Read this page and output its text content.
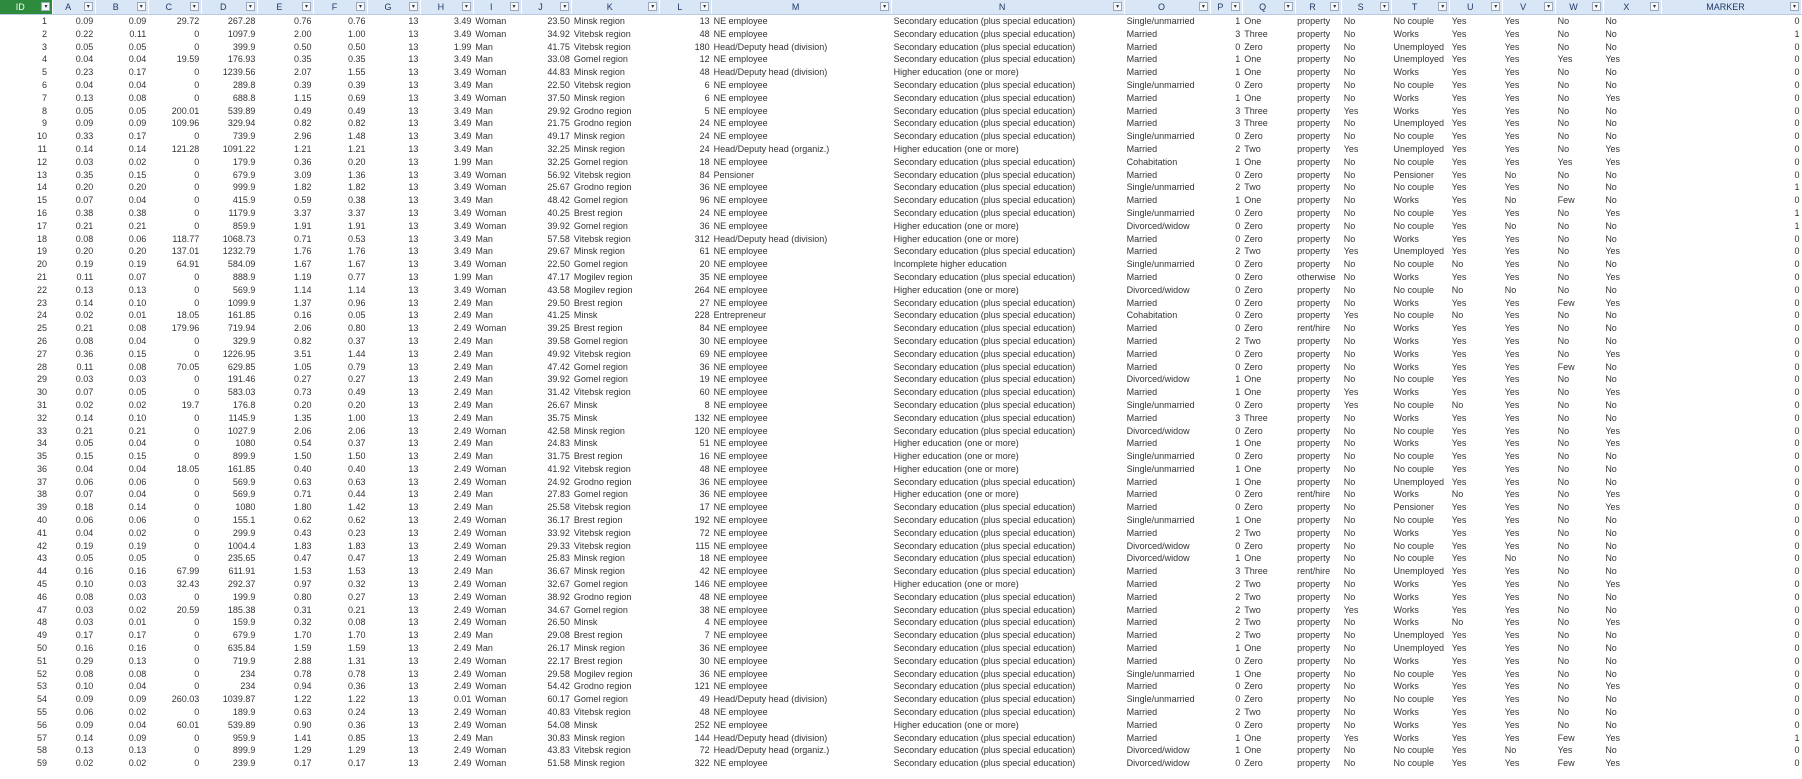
ID ▾	A ▾	B ▾	C ▾	D ▾	E ▾	F ▾	G ▾	H ▾	I ▾	J ▾	K ▾	L ▾	M ▾	N ▾	O ▾	P ▾	Q ▾	R ▾	S ▾	T ▾	U ▾	V ▾	W ▾	X ▾	MARKER ▾

1	0.09	0.09	29.72	267.28	0.76	0.76	13	3.49	Woman	23.50	Minsk region	13	NE employee	Secondary education (plus special education)	Single/unmarried	1	One	property	No	No couple	Yes	Yes	No	No	0
2	0.22	0.11	0	1097.9	2.00	1.00	13	3.49	Woman	34.92	Vitebsk region	48	NE employee	Secondary education (plus special education)	Married	3	Three	property	No	Works	Yes	Yes	No	No	1
3	0.05	0.05	0	399.9	0.50	0.50	13	1.99	Man	41.75	Vitebsk region	180	Head/Deputy head (division)	Secondary education (plus special education)	Married	0	Zero	property	No	Unemployed	Yes	Yes	No	No	0
4	0.04	0.04	19.59	176.93	0.35	0.35	13	3.49	Man	33.08	Gomel region	12	NE employee	Secondary education (plus special education)	Married	1	One	property	No	Unemployed	Yes	Yes	Yes	Yes	0
5	0.23	0.17	0	1239.56	2.07	1.55	13	3.49	Woman	44.83	Minsk region	48	Head/Deputy head (division)	Higher education (one or more)	Married	1	One	property	No	Works	Yes	Yes	No	No	0
6	0.04	0.04	0	289.8	0.39	0.39	13	3.49	Man	22.50	Vitebsk region	6	NE employee	Secondary education (plus special education)	Single/unmarried	0	Zero	property	No	No couple	Yes	Yes	No	No	0
7	0.13	0.08	0	688.8	1.15	0.69	13	3.49	Woman	37.50	Minsk region	6	NE employee	Secondary education (plus special education)	Married	1	One	property	No	Works	Yes	Yes	No	Yes	0
8	0.05	0.05	200.01	539.89	0.49	0.49	13	3.49	Man	29.92	Grodno region	5	NE employee	Secondary education (plus special education)	Married	3	Three	property	Yes	Works	Yes	Yes	No	No	0
9	0.09	0.09	109.96	329.94	0.82	0.82	13	3.49	Man	21.75	Grodno region	24	NE employee	Secondary education (plus special education)	Married	3	Three	property	No	Unemployed	Yes	Yes	No	No	0
10	0.33	0.17	0	739.9	2.96	1.48	13	3.49	Man	49.17	Minsk region	24	NE employee	Secondary education (plus special education)	Single/unmarried	0	Zero	property	No	No couple	Yes	Yes	No	No	0
11	0.14	0.14	121.28	1091.22	1.21	1.21	13	3.49	Man	32.25	Minsk region	24	Head/Deputy head (organiz.)	Higher education (one or more)	Married	2	Two	property	Yes	Unemployed	Yes	Yes	No	Yes	0
12	0.03	0.02	0	179.9	0.36	0.20	13	1.99	Man	32.25	Gomel region	18	NE employee	Secondary education (plus special education)	Cohabitation	1	One	property	No	No couple	Yes	Yes	Yes	Yes	0
13	0.35	0.15	0	679.9	3.09	1.36	13	3.49	Woman	56.92	Vitebsk region	84	Pensioner	Secondary education (plus special education)	Married	0	Zero	property	No	Pensioner	Yes	No	No	No	0
14	0.20	0.20	0	999.9	1.82	1.82	13	3.49	Woman	25.67	Grodno region	36	NE employee	Secondary education (plus special education)	Single/unmarried	2	Two	property	No	No couple	Yes	Yes	No	No	1
15	0.07	0.04	0	415.9	0.59	0.38	13	3.49	Man	48.42	Gomel region	96	NE employee	Secondary education (plus special education)	Married	1	One	property	No	Works	Yes	No	Few	No	0
16	0.38	0.38	0	1179.9	3.37	3.37	13	3.49	Woman	40.25	Brest region	24	NE employee	Secondary education (plus special education)	Single/unmarried	0	Zero	property	No	No couple	Yes	Yes	No	Yes	1
17	0.21	0.21	0	859.9	1.91	1.91	13	3.49	Woman	39.92	Gomel region	36	NE employee	Higher education (one or more)	Divorced/widow	0	Zero	property	No	No couple	Yes	No	No	No	1
18	0.08	0.06	118.77	1068.73	0.71	0.53	13	3.49	Man	57.58	Vitebsk region	312	Head/Deputy head (division)	Higher education (one or more)	Married	0	Zero	property	No	Works	Yes	Yes	No	No	0
19	0.20	0.20	137.01	1232.79	1.76	1.76	13	3.49	Man	29.67	Minsk region	61	NE employee	Secondary education (plus special education)	Married	2	Two	property	Yes	Unemployed	Yes	Yes	No	Yes	0
20	0.19	0.19	64.91	584.09	1.67	1.67	13	3.49	Woman	22.50	Gomel region	20	NE employee	Incomplete higher education	Single/unmarried	0	Zero	property	No	No couple	No	Yes	No	No	0
21	0.11	0.07	0	888.9	1.19	0.77	13	1.99	Man	47.17	Mogilev region	35	NE employee	Secondary education (plus special education)	Married	0	Zero	otherwise	No	Works	Yes	Yes	No	Yes	0
22	0.13	0.13	0	569.9	1.14	1.14	13	3.49	Woman	43.58	Mogilev region	264	NE employee	Higher education (one or more)	Divorced/widow	0	Zero	property	No	No couple	No	No	No	No	0
23	0.14	0.10	0	1099.9	1.37	0.96	13	2.49	Man	29.50	Brest region	27	NE employee	Secondary education (plus special education)	Married	0	Zero	property	No	Works	Yes	Yes	Few	Yes	0
24	0.02	0.01	18.05	161.85	0.16	0.05	13	2.49	Man	41.25	Minsk	228	Entrepreneur	Secondary education (plus special education)	Cohabitation	0	Zero	property	Yes	No couple	No	Yes	No	No	0
25	0.21	0.08	179.96	719.94	2.06	0.80	13	2.49	Woman	39.25	Brest region	84	NE employee	Secondary education (plus special education)	Married	0	Zero	rent/hire	No	Works	Yes	Yes	No	No	0
26	0.08	0.04	0	329.9	0.82	0.37	13	2.49	Man	39.58	Gomel region	30	NE employee	Secondary education (plus special education)	Married	2	Two	property	No	Works	Yes	Yes	No	No	0
27	0.36	0.15	0	1226.95	3.51	1.44	13	2.49	Man	49.92	Vitebsk region	69	NE employee	Secondary education (plus special education)	Married	0	Zero	property	No	Works	Yes	Yes	No	Yes	0
28	0.11	0.08	70.05	629.85	1.05	0.79	13	2.49	Man	47.42	Gomel region	36	NE employee	Secondary education (plus special education)	Married	0	Zero	property	No	Works	Yes	Yes	Few	No	0
29	0.03	0.03	0	191.46	0.27	0.27	13	2.49	Man	39.92	Gomel region	19	NE employee	Secondary education (plus special education)	Divorced/widow	1	One	property	No	No couple	Yes	Yes	No	No	0
30	0.07	0.05	0	583.03	0.73	0.49	13	2.49	Man	31.42	Vitebsk region	60	NE employee	Secondary education (plus special education)	Married	1	One	property	Yes	Works	Yes	Yes	No	Yes	0
31	0.02	0.02	19.7	176.8	0.20	0.20	13	2.49	Man	26.67	Minsk	8	NE employee	Secondary education (plus special education)	Single/unmarried	0	Zero	property	Yes	No couple	No	Yes	No	No	0
32	0.14	0.10	0	1145.9	1.35	1.00	13	2.49	Man	35.75	Minsk	132	NE employee	Secondary education (plus special education)	Married	3	Three	property	No	Works	Yes	Yes	No	No	0
33	0.21	0.21	0	1027.9	2.06	2.06	13	2.49	Woman	42.58	Minsk region	120	NE employee	Secondary education (plus special education)	Divorced/widow	0	Zero	property	No	No couple	Yes	Yes	No	Yes	0
34	0.05	0.04	0	1080	0.54	0.37	13	2.49	Man	24.83	Minsk	51	NE employee	Higher education (one or more)	Married	1	One	property	No	Works	Yes	Yes	No	Yes	0
35	0.15	0.15	0	899.9	1.50	1.50	13	2.49	Man	31.75	Brest region	16	NE employee	Higher education (one or more)	Single/unmarried	0	Zero	property	No	No couple	Yes	Yes	No	No	0
36	0.04	0.04	18.05	161.85	0.40	0.40	13	2.49	Woman	41.92	Vitebsk region	48	NE employee	Higher education (one or more)	Single/unmarried	1	One	property	No	No couple	Yes	Yes	No	No	0
37	0.06	0.06	0	569.9	0.63	0.63	13	2.49	Woman	24.92	Grodno region	36	NE employee	Secondary education (plus special education)	Married	1	One	property	No	Unemployed	Yes	Yes	No	No	0
38	0.07	0.04	0	569.9	0.71	0.44	13	2.49	Man	27.83	Gomel region	36	NE employee	Higher education (one or more)	Married	0	Zero	rent/hire	No	Works	No	Yes	No	Yes	0
39	0.18	0.14	0	1080	1.80	1.42	13	2.49	Man	25.58	Vitebsk region	17	NE employee	Secondary education (plus special education)	Married	0	Zero	property	No	Pensioner	Yes	Yes	No	Yes	0
40	0.06	0.06	0	155.1	0.62	0.62	13	2.49	Woman	36.17	Brest region	192	NE employee	Secondary education (plus special education)	Single/unmarried	1	One	property	No	No couple	Yes	Yes	No	No	0
41	0.04	0.02	0	299.9	0.43	0.23	13	2.49	Woman	33.92	Vitebsk region	72	NE employee	Secondary education (plus special education)	Married	2	Two	property	No	Works	Yes	Yes	No	No	0
42	0.19	0.19	0	1004.4	1.83	1.83	13	2.49	Woman	29.33	Vitebsk region	115	NE employee	Secondary education (plus special education)	Divorced/widow	0	Zero	property	No	No couple	Yes	Yes	No	No	0
43	0.05	0.05	0	235.65	0.47	0.47	13	2.49	Woman	25.83	Minsk region	18	NE employee	Secondary education (plus special education)	Divorced/widow	1	One	property	No	No couple	Yes	No	No	No	0
44	0.16	0.16	67.99	611.91	1.53	1.53	13	2.49	Man	36.67	Minsk region	42	NE employee	Secondary education (plus special education)	Married	3	Three	rent/hire	No	Unemployed	Yes	Yes	No	No	0
45	0.10	0.03	32.43	292.37	0.97	0.32	13	2.49	Woman	32.67	Gomel region	146	NE employee	Higher education (one or more)	Married	2	Two	property	No	Works	Yes	Yes	No	Yes	0
46	0.08	0.03	0	199.9	0.80	0.27	13	2.49	Woman	38.92	Grodno region	48	NE employee	Secondary education (plus special education)	Married	2	Two	property	No	Works	Yes	Yes	No	No	0
47	0.03	0.02	20.59	185.38	0.31	0.21	13	2.49	Woman	34.67	Gomel region	38	NE employee	Secondary education (plus special education)	Married	2	Two	property	Yes	Works	Yes	Yes	No	No	0
48	0.03	0.01	0	159.9	0.32	0.08	13	2.49	Woman	26.50	Minsk	4	NE employee	Secondary education (plus special education)	Married	2	Two	property	No	Works	No	Yes	No	Yes	0
49	0.17	0.17	0	679.9	1.70	1.70	13	2.49	Man	29.08	Brest region	7	NE employee	Secondary education (plus special education)	Married	2	Two	property	No	Unemployed	Yes	Yes	No	No	0
50	0.16	0.16	0	635.84	1.59	1.59	13	2.49	Man	26.17	Minsk region	36	NE employee	Secondary education (plus special education)	Married	1	One	property	No	Unemployed	Yes	Yes	No	No	0
51	0.29	0.13	0	719.9	2.88	1.31	13	2.49	Woman	22.17	Brest region	30	NE employee	Secondary education (plus special education)	Married	0	Zero	property	No	Works	Yes	Yes	No	No	0
52	0.08	0.08	0	234	0.78	0.78	13	2.49	Woman	29.58	Mogilev region	36	NE employee	Secondary education (plus special education)	Single/unmarried	1	One	property	No	No couple	Yes	Yes	No	No	0
53	0.10	0.04	0	234	0.94	0.36	13	2.49	Woman	54.42	Grodno region	121	NE employee	Secondary education (plus special education)	Married	0	Zero	property	No	Works	Yes	Yes	No	Yes	0
54	0.09	0.09	260.03	1039.87	1.22	1.22	13	0.01	Woman	60.17	Gomel region	49	Head/Deputy head (division)	Secondary education (plus special education)	Single/unmarried	0	Zero	property	No	No couple	Yes	Yes	No	No	0
55	0.06	0.02	0	189.9	0.63	0.24	13	2.49	Woman	40.83	Vitebsk region	48	NE employee	Secondary education (plus special education)	Married	2	Two	property	No	Works	Yes	Yes	No	No	0
56	0.09	0.04	60.01	539.89	0.90	0.36	13	2.49	Woman	54.08	Minsk	252	NE employee	Higher education (one or more)	Married	0	Zero	property	No	Works	Yes	Yes	No	No	0
57	0.14	0.09	0	959.9	1.41	0.85	13	2.49	Man	30.83	Minsk region	144	Head/Deputy head (division)	Secondary education (plus special education)	Married	1	One	property	Yes	Works	Yes	Yes	Few	Yes	1
58	0.13	0.13	0	899.9	1.29	1.29	13	2.49	Woman	43.83	Vitebsk region	72	Head/Deputy head (organiz.)	Secondary education (plus special education)	Divorced/widow	1	One	property	No	No couple	Yes	No	Yes	No	0
59	0.02	0.02	0	239.9	0.17	0.17	13	2.49	Woman	51.58	Minsk region	322	NE employee	Secondary education (plus special education)	Divorced/widow	0	Zero	property	No	No couple	Yes	Yes	Few	Yes	0
